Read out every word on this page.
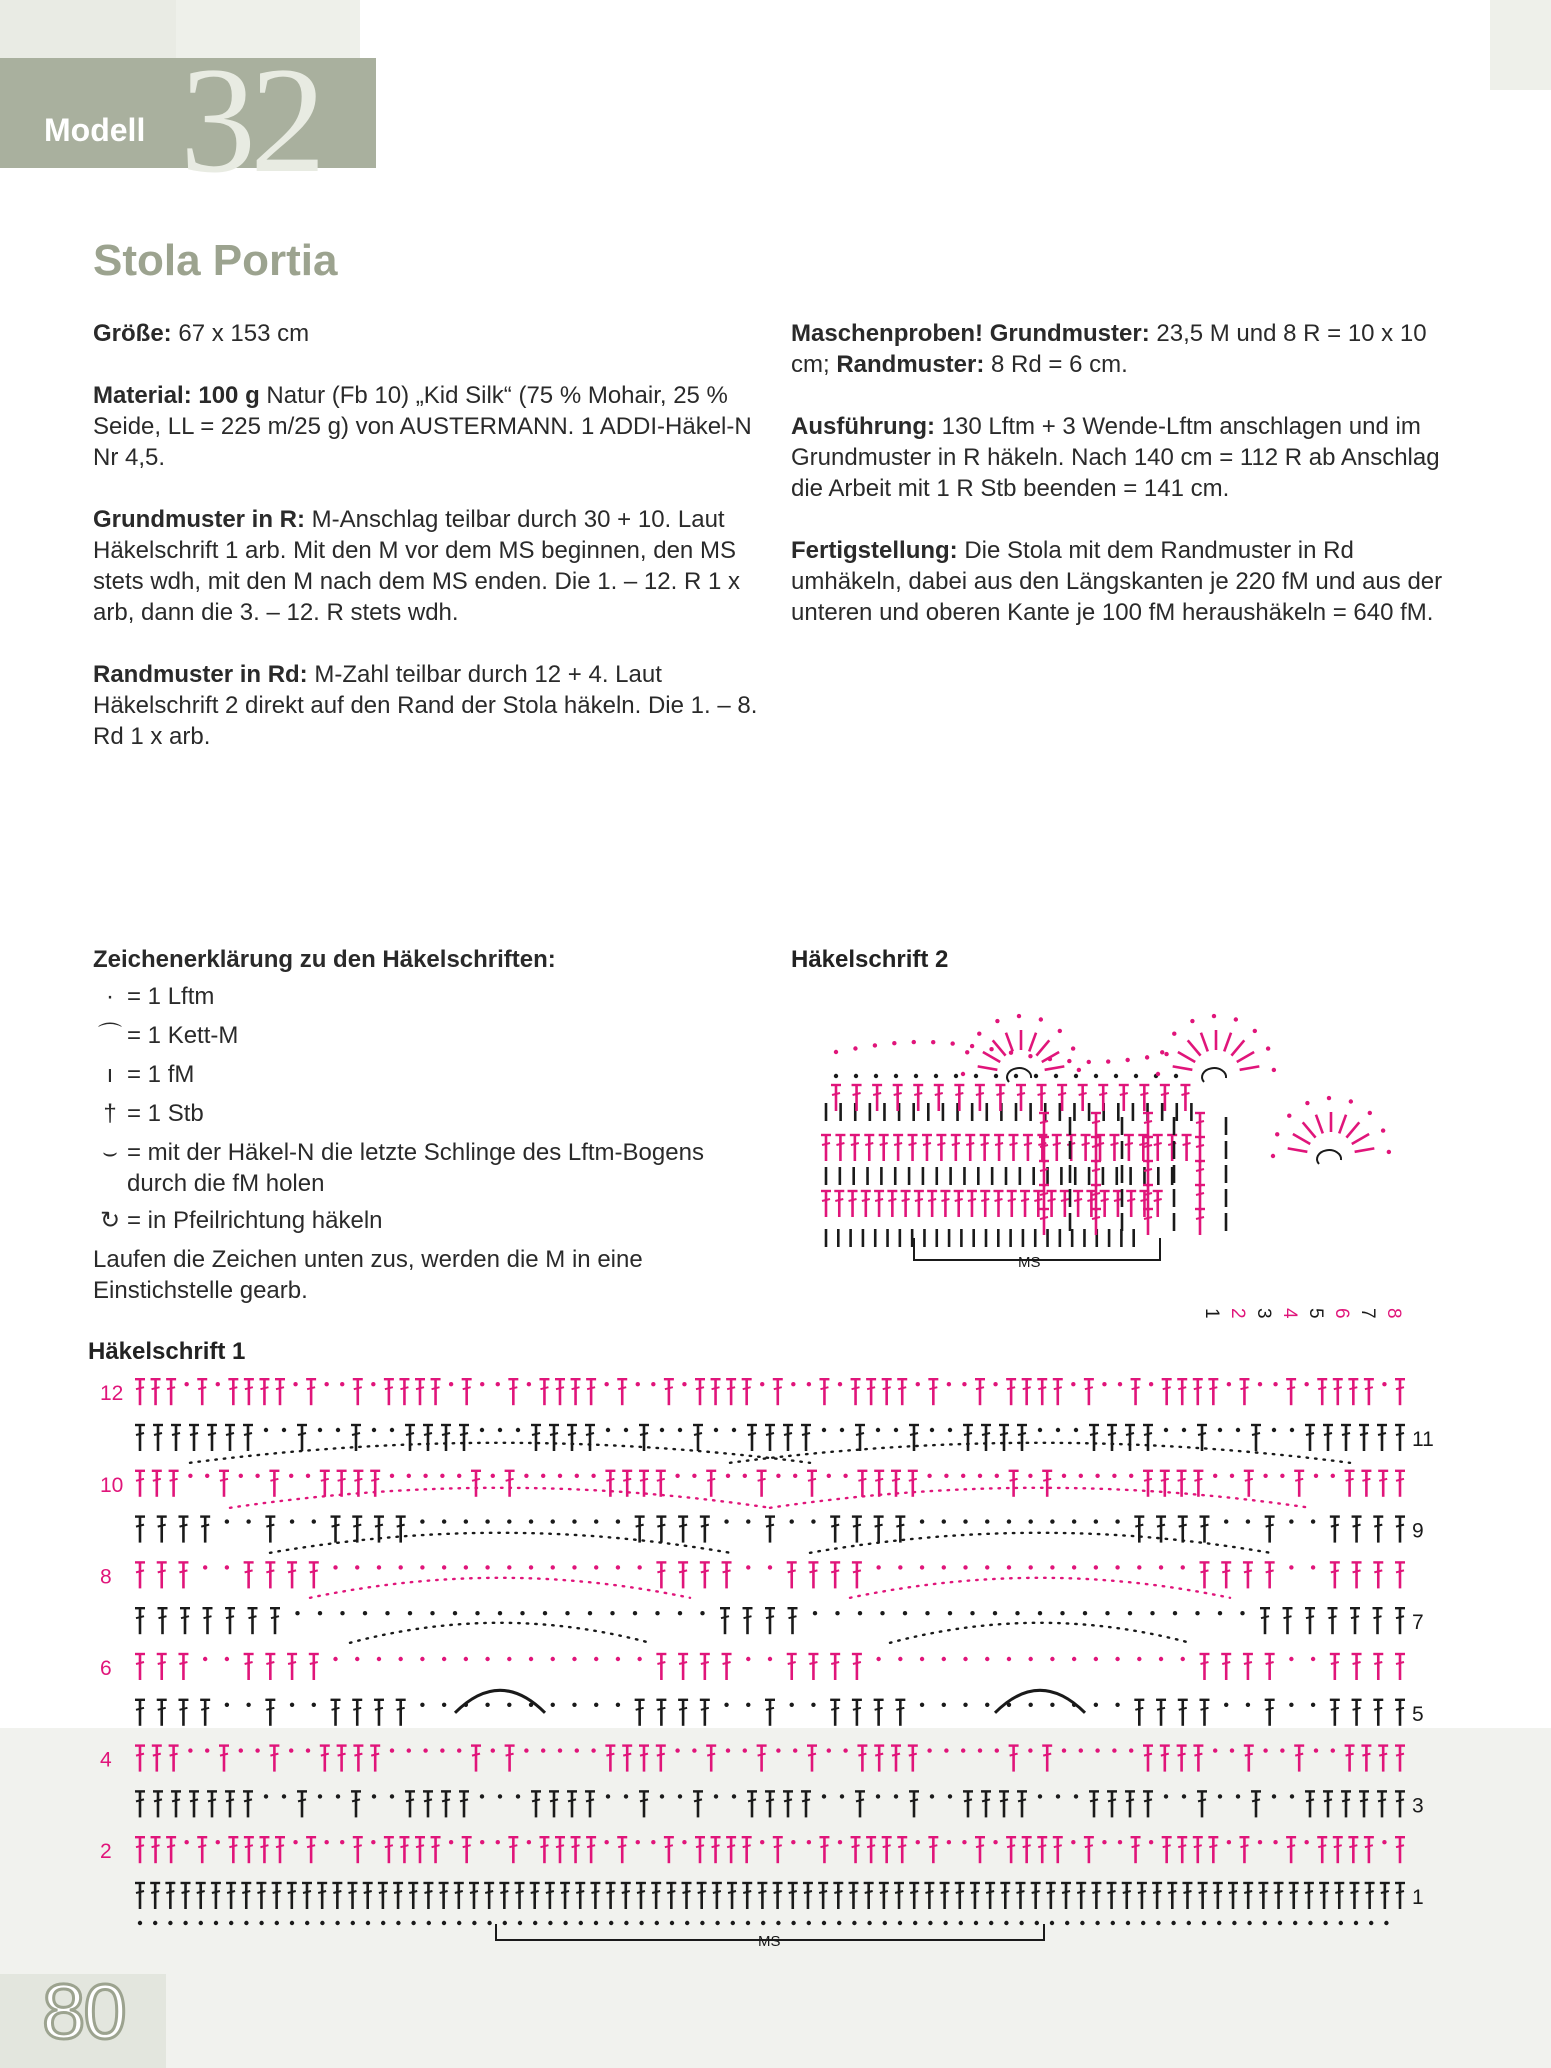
32
Modell
Stola Portia

Größe: 67 x 153 cm

Material: 100 g Natur (Fb 10) „Kid Silk“ (75 % Mohair, 25 % Seide, LL = 225 m/25 g) von AUSTERMANN. 1 ADDI-Häkel-N Nr 4,5.

Grundmuster in R: M-Anschlag teilbar durch 30 + 10. Laut Häkelschrift 1 arb. Mit den M vor dem MS beginnen, den MS stets wdh, mit den M nach dem MS enden. Die 1. – 12. R 1 x arb, dann die 3. – 12. R stets wdh.

Randmuster in Rd: M-Zahl teilbar durch 12 + 4. Laut Häkelschrift 2 direkt auf den Rand der Stola häkeln. Die 1. – 8. Rd 1 x arb.

Maschenproben! Grundmuster: 23,5 M und 8 R = 10 x 10 cm; Randmuster: 8 Rd = 6 cm.

Ausführung: 130 Lftm + 3 Wende-Lftm anschlagen und im Grundmuster in R häkeln. Nach 140 cm = 112 R ab Anschlag die Arbeit mit 1 R Stb beenden = 141 cm.

Fertigstellung: Die Stola mit dem Randmuster in Rd umhäkeln, dabei aus den Längskanten je 220 fM und aus der unteren und oberen Kante je 100 fM heraushäkeln = 640 fM.

Zeichenerklärung zu den Häkelschriften:
· = 1 Lftm
⌒ = 1 Kett-M
ı = 1 fM
† = 1 Stb
⌣ = mit der Häkel-N die letzte Schlinge des Lftm-Bogens durch die fM holen
↻ = in Pfeilrichtung häkeln
Laufen die Zeichen unten zus, werden die M in eine Einstichstelle gearb.
Häkelschrift 2
MS
1 2 3 4 5 6 7 8
Häkelschrift 1
MS
12
10
8
6
4
2
11
9
7
5
3
1
80
